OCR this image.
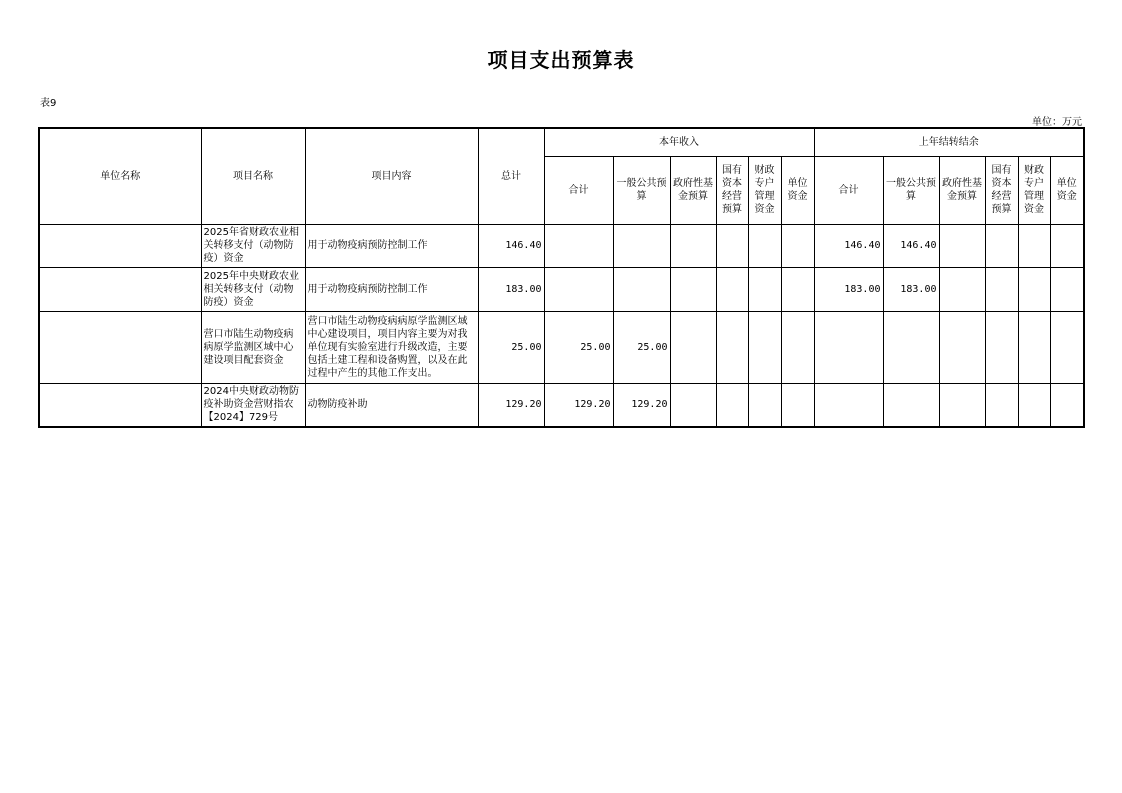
项目支出预算表
表9
单位：万元
单位名称	项目名称	项目内容	总计	本年收入						上年结转结余					
				合计	一般公共预算	政府性基金预算	国有资本经营预算	财政专户管理资金	单位资金	合计	一般公共预算	政府性基金预算	国有资本经营预算	财政专户管理资金	单位资金
	2025年省财政农业相关转移支付（动物防疫）资金	用于动物疫病预防控制工作	146.40							146.40	146.40				
	2025年中央财政农业相关转移支付（动物防疫）资金	用于动物疫病预防控制工作	183.00							183.00	183.00				
	营口市陆生动物疫病病原学监测区域中心建设项目配套资金	营口市陆生动物疫病病原学监测区域中心建设项目，项目内容主要为对我单位现有实验室进行升级改造，主要包括土建工程和设备购置，以及在此过程中产生的其他工作支出。	25.00	25.00	25.00										
	2024中央财政动物防疫补助资金营财指农【2024】729号	动物防疫补助	129.20	129.20	129.20										
